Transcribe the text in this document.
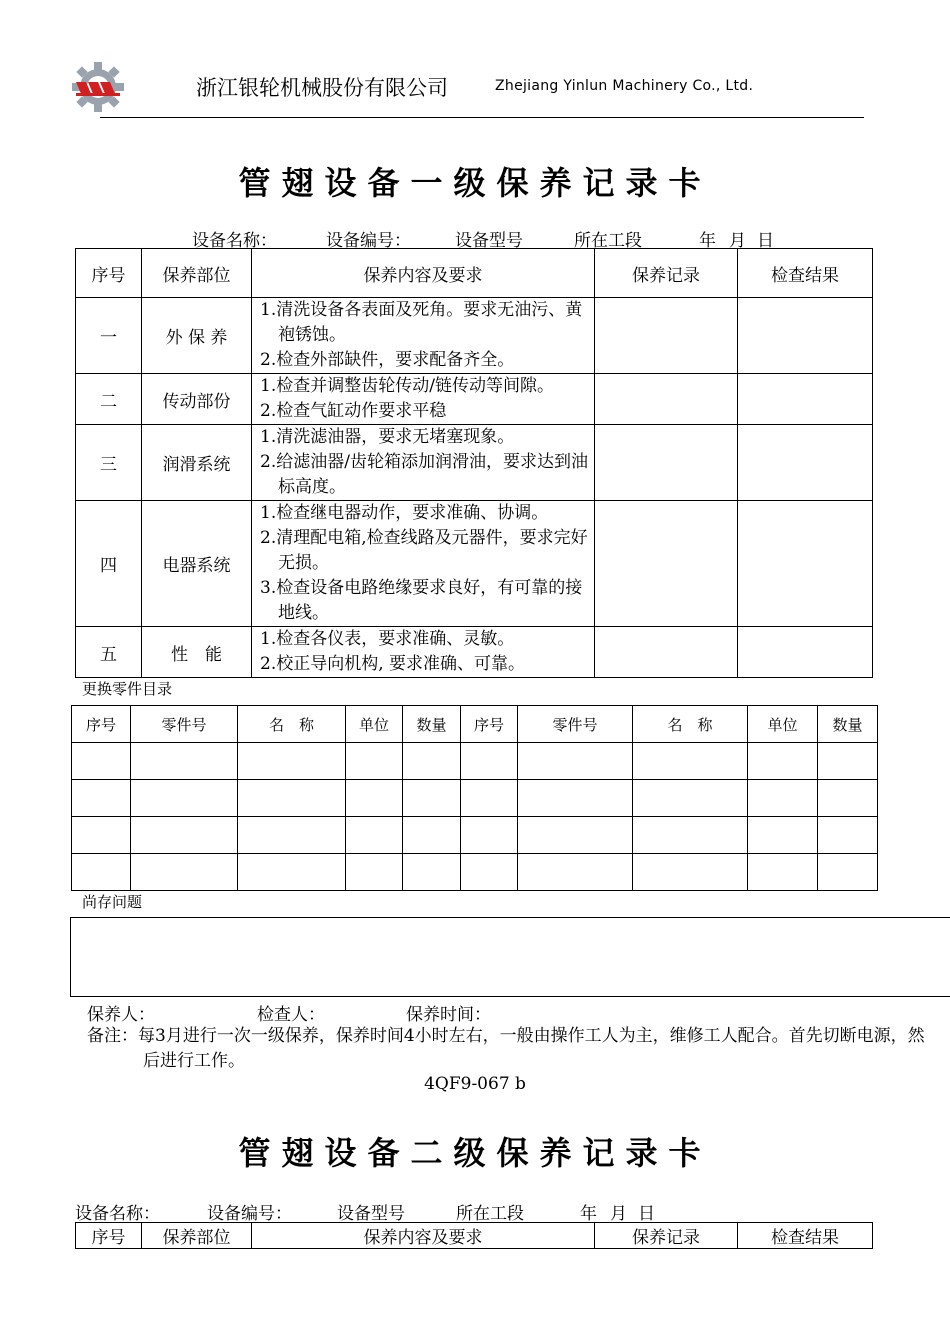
浙江银轮机械股份有限公司	Zhejiang Yinlun Machinery Co., Ltd.
管翅设备一级保养记录卡
设备名称：	设备编号：	设备型号	所在工段	年 月 日
序号	保养部位	保养内容及要求	保养记录	检查结果
一	外 保 养	1.清洗设备各表面及死角。要求无油污、黄袍锈蚀。
2.检查外部缺件，要求配备齐全。		

二	传动部份	1.检查并调整齿轮传动/链传动等间隙。
2.检查气缸动作要求平稳		

三	润滑系统	1.清洗滤油器，要求无堵塞现象。
2.给滤油器/齿轮箱添加润滑油，要求达到油标高度。		

四	电器系统	1.检查继电器动作，要求准确、协调。
2.清理配电箱,检查线路及元器件，要求完好无损。
3.检查设备电路绝缘要求良好，有可靠的接地线。		

五	性　能	1.检查各仪表，要求准确、灵敏。
2.校正导向机构, 要求准确、可靠。		

更换零件目录
序号	零件号	名　称	单位	数量	序号	零件号	名　称	单位	数量

尚存问题
保养人：	检查人：	保养时间：
备注：每3月进行一次一级保养，保养时间4小时左右，一般由操作工人为主，维修工人配合。首先切断电源，然后进行工作。
4QF9-067 b
管翅设备二级保养记录卡
设备名称：	设备编号：	设备型号	所在工段	年 月 日
序号	保养部位	保养内容及要求	保养记录	检查结果
